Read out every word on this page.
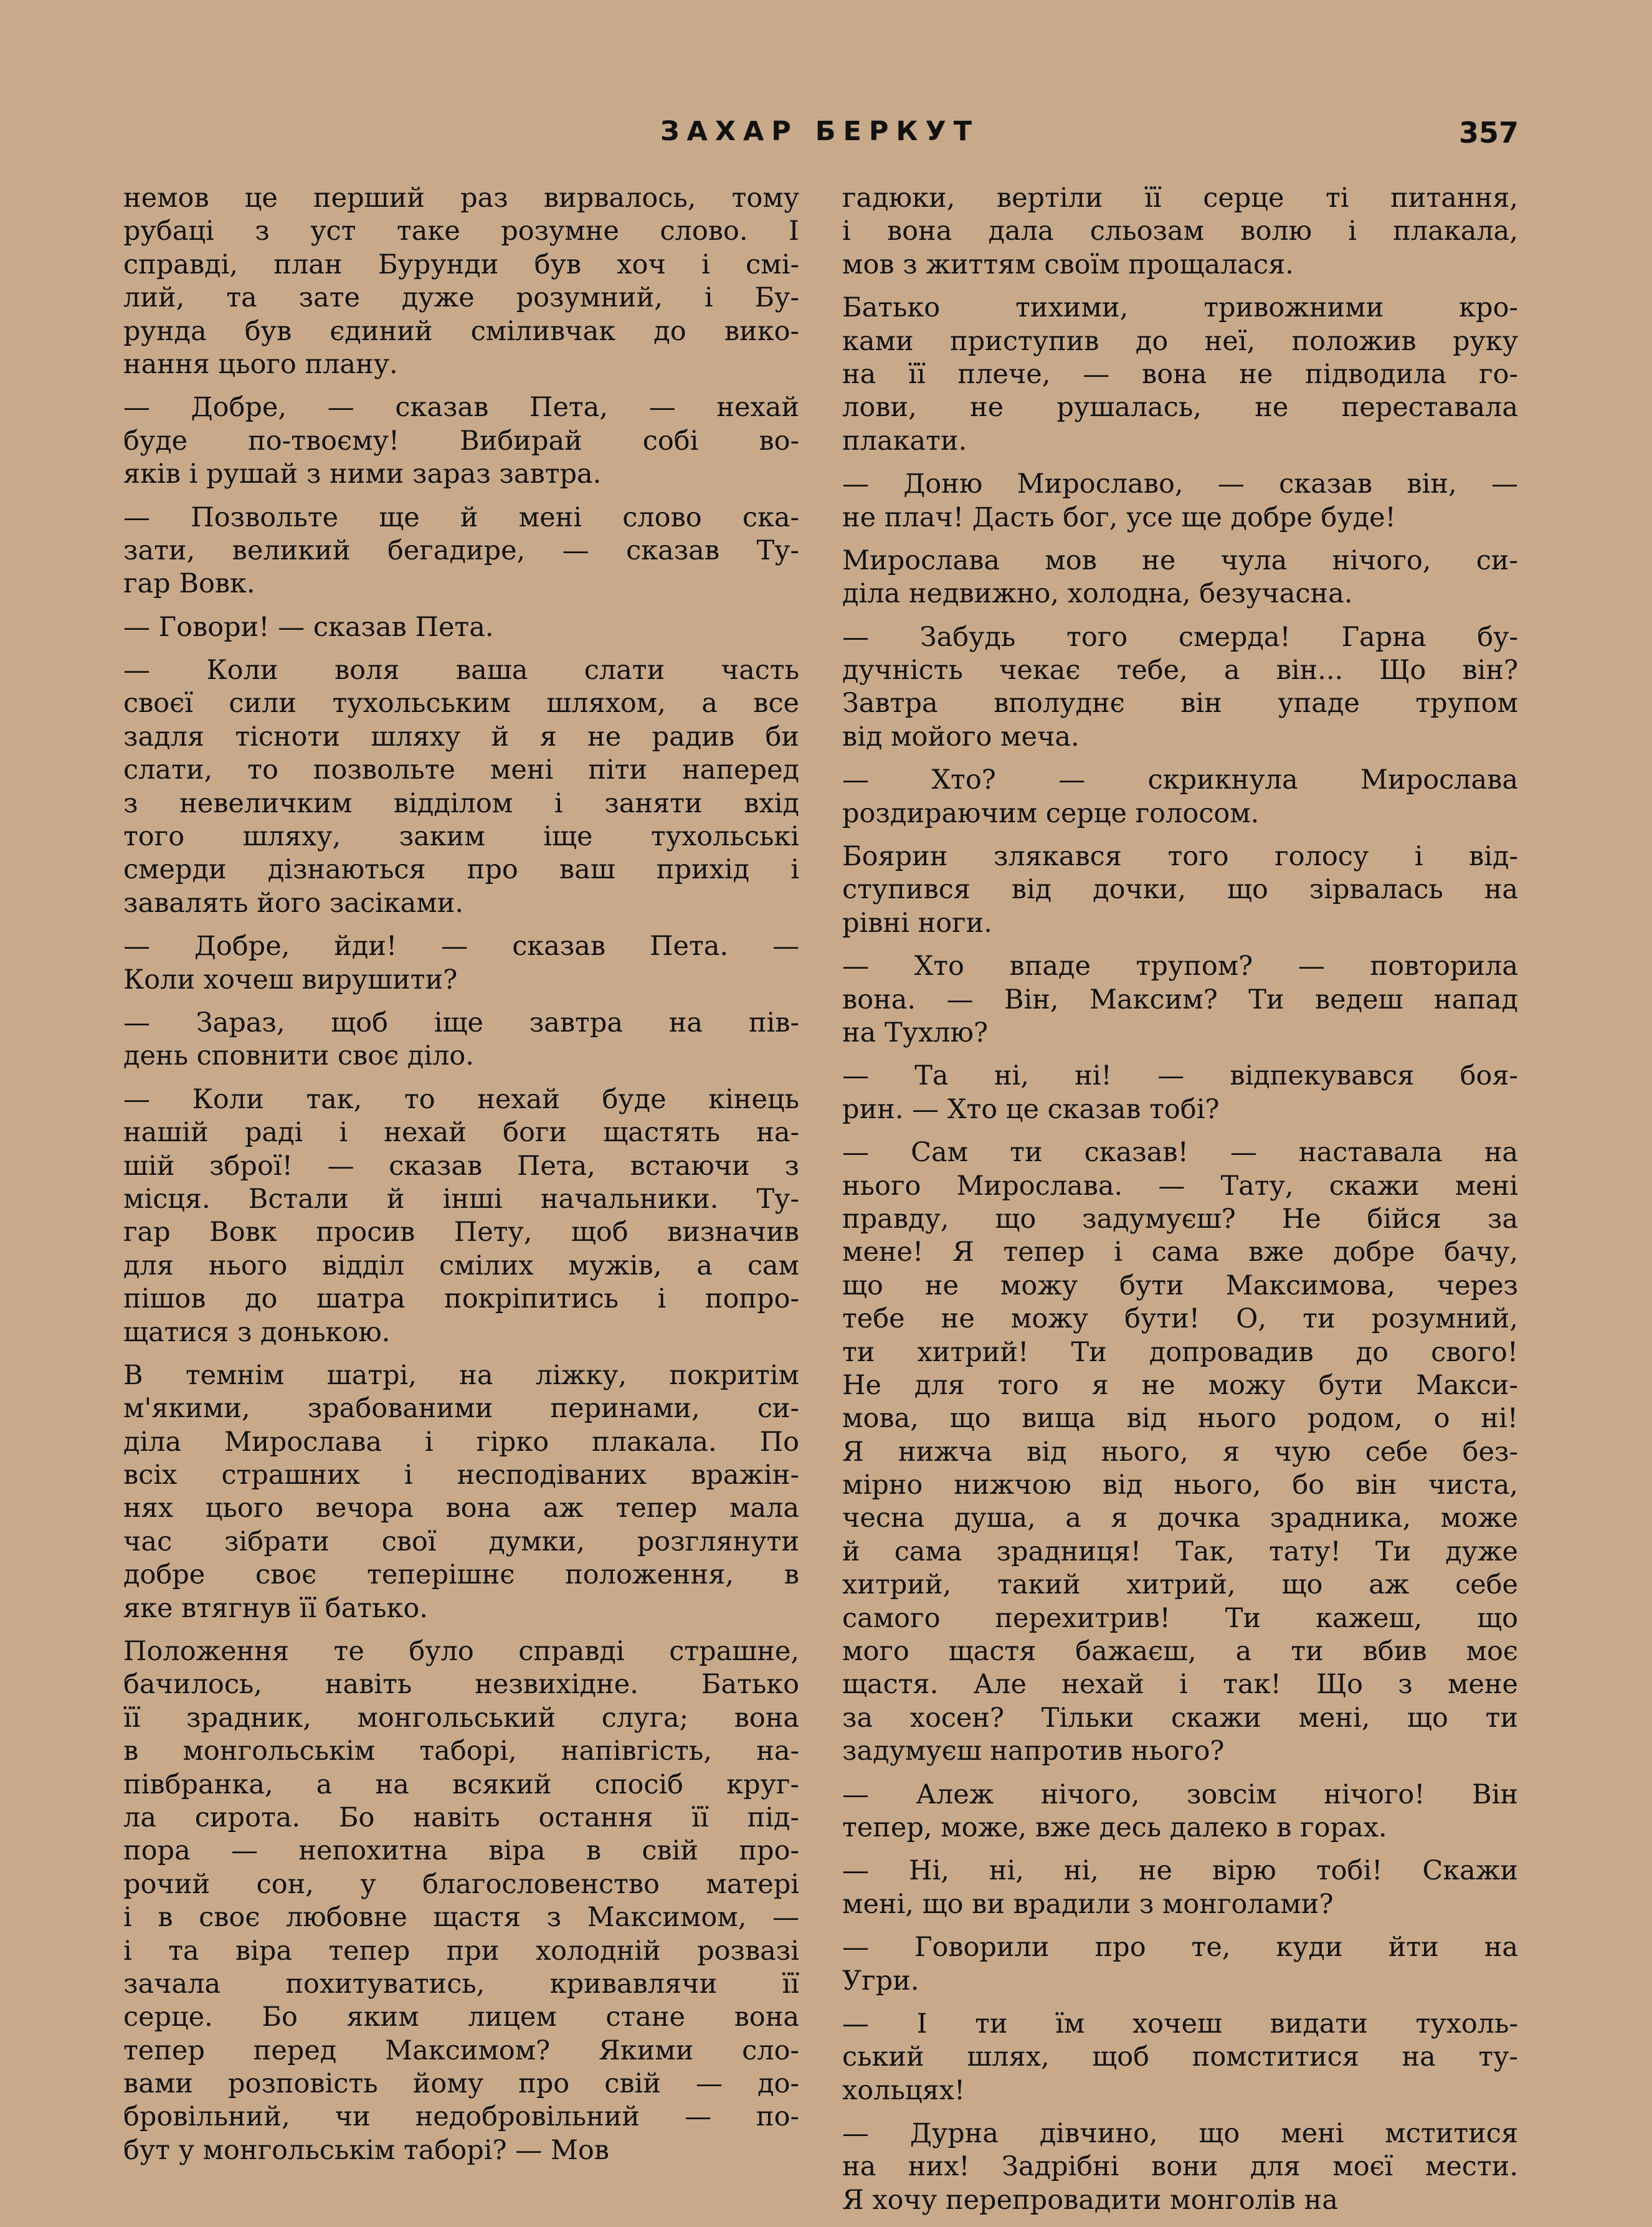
ЗАХАР БЕРКУТ	357
немов це перший раз вирвалось, тому
рубаці з уст таке розумне слово. І
справді, план Бурунди був хоч і смі-
лий, та зате дуже розумний, і Бу-
рунда був єдиний сміливчак до вико-
нання цього плану.
— Добре, — сказав Пета, — нехай
буде по-твоєму! Вибирай собі во-
яків і рушай з ними зараз завтра.
— Позвольте ще й мені слово ска-
зати, великий бегадире, — сказав Ту-
гар Вовк.
— Говори! — сказав Пета.
— Коли воля ваша слати часть
своєї сили тухольським шляхом, а все
задля тісноти шляху й я не радив би
слати, то позвольте мені піти наперед
з невеличким відділом і заняти вхід
того шляху, заким іще тухольські
смерди дізнаються про ваш прихід і
завалять його засіками.
— Добре, йди! — сказав Пета. —
Коли хочеш вирушити?
— Зараз, щоб іще завтра на пів-
день сповнити своє діло.
— Коли так, то нехай буде кінець
нашій раді і нехай боги щастять на-
шій зброї! — сказав Пета, встаючи з
місця. Встали й інші начальники. Ту-
гар Вовк просив Пету, щоб визначив
для нього відділ смілих мужів, а сам
пішов до шатра покріпитись і попро-
щатися з донькою.
В темнім шатрі, на ліжку, покритім
м'якими, зрабованими перинами, си-
діла Мирослава і гірко плакала. По
всіх страшних і несподіваних вражін-
нях цього вечора вона аж тепер мала
час зібрати свої думки, розглянути
добре своє теперішнє положення, в
яке втягнув її батько.
Положення те було справді страшне,
бачилось, навіть незвихідне. Батько
її зрадник, монгольський слуга; вона
в монгольськім таборі, напівгість, на-
півбранка, а на всякий спосіб круг-
ла сирота. Бо навіть остання її під-
пора — непохитна віра в свій про-
рочий сон, у благословенство матері
і в своє любовне щастя з Максимом, —
і та віра тепер при холодній розвазі
зачала похитуватись, кривавлячи її
серце. Бо яким лицем стане вона
тепер перед Максимом? Якими сло-
вами розповість йому про свій — до-
бровільний, чи недобровільний — по-
бут у монгольськім таборі? — Мов
гадюки, вертіли її серце ті питання,
і вона дала сльозам волю і плакала,
мов з життям своїм прощалася.
Батько тихими, тривожними кро-
ками приступив до неї, положив руку
на її плече, — вона не підводила го-
лови, не рушалась, не переставала
плакати.
— Доню Мирославо, — сказав він, —
не плач! Дасть бог, усе ще добре буде!
Мирослава мов не чула нічого, си-
діла недвижно, холодна, безучасна.
— Забудь того смерда! Гарна бу-
дучність чекає тебе, а він... Що він?
Завтра вполуднє він упаде трупом
від мойого меча.
— Хто? — скрикнула Мирослава
роздираючим серце голосом.
Боярин злякався того голосу і від-
ступився від дочки, що зірвалась на
рівні ноги.
— Хто впаде трупом? — повторила
вона. — Він, Максим? Ти ведеш напад
на Тухлю?
— Та ні, ні! — відпекувався боя-
рин. — Хто це сказав тобі?
— Сам ти сказав! — наставала на
нього Мирослава. — Тату, скажи мені
правду, що задумуєш? Не бійся за
мене! Я тепер і сама вже добре бачу,
що не можу бути Максимова, через
тебе не можу бути! О, ти розумний,
ти хитрий! Ти допровадив до свого!
Не для того я не можу бути Макси-
мова, що вища від нього родом, о ні!
Я нижча від нього, я чую себе без-
мірно нижчою від нього, бо він чиста,
чесна душа, а я дочка зрадника, може
й сама зрадниця! Так, тату! Ти дуже
хитрий, такий хитрий, що аж себе
самого перехитрив! Ти кажеш, що
мого щастя бажаєш, а ти вбив моє
щастя. Але нехай і так! Що з мене
за хосен? Тільки скажи мені, що ти
задумуєш напротив нього?
— Алеж нічого, зовсім нічого! Він
тепер, може, вже десь далеко в горах.
— Ні, ні, ні, не вірю тобі! Скажи
мені, що ви врадили з монголами?
— Говорили про те, куди йти на
Угри.
— І ти їм хочеш видати тухоль-
ський шлях, щоб помститися на ту-
хольцях!
— Дурна дівчино, що мені мститися
на них! Задрібні вони для моєї мести.
Я хочу перепровадити монголів на
